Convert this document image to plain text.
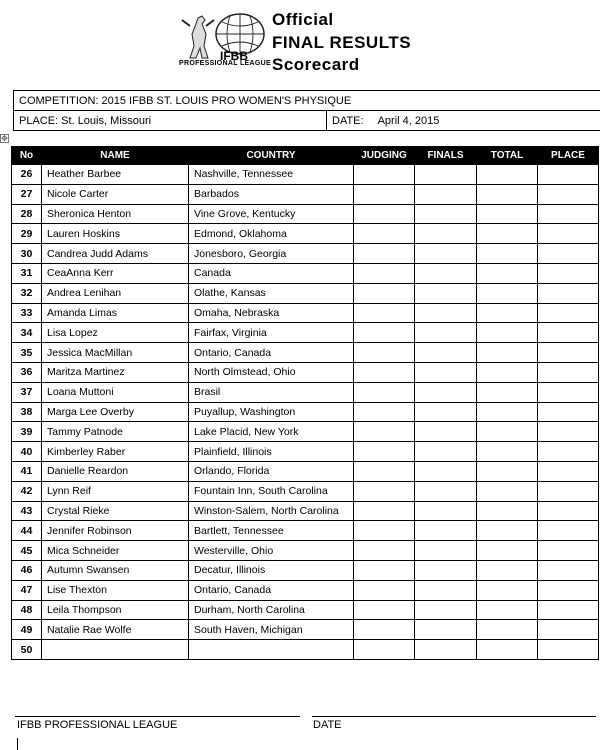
IFBB
PROFESSIONAL LEAGUE
Official
FINAL RESULTS
Scorecard
COMPETITION: 2015 IFBB ST. LOUIS PRO WOMEN'S PHYSIQUE
PLACE: St. Louis, Missouri	DATE:	April 4, 2015
✥
No	NAME	COUNTRY	JUDGING	FINALS	TOTAL	PLACE
26	Heather Barbee	Nashville, Tennessee				
27	Nicole Carter	Barbados				
28	Sheronica Henton	Vine Grove, Kentucky				
29	Lauren Hoskins	Edmond, Oklahoma				
30	Candrea Judd Adams	Jonesboro, Georgia				
31	CeaAnna Kerr	Canada				
32	Andrea Lenihan	Olathe, Kansas				
33	Amanda Limas	Omaha, Nebraska				
34	Lisa Lopez	Fairfax, Virginia				
35	Jessica MacMillan	Ontario, Canada				
36	Maritza Martinez	North Olmstead, Ohio				
37	Loana Muttoni	Brasil				
38	Marga Lee Overby	Puyallup, Washington				
39	Tammy Patnode	Lake Placid, New York				
40	Kimberley Raber	Plainfield, Illinois				
41	Danielle Reardon	Orlando, Florida				
42	Lynn Reif	Fountain Inn, South Carolina				
43	Crystal Rieke	Winston-Salem, North Carolina				
44	Jennifer Robinson	Bartlett, Tennessee				
45	Mica Schneider	Westerville, Ohio				
46	Autumn Swansen	Decatur, Illinois				
47	Lise Thexton	Ontario, Canada				
48	Leila Thompson	Durham, North Carolina				
49	Natalie Rae Wolfe	South Haven, Michigan				
50						
IFBB PROFESSIONAL LEAGUE	DATE
